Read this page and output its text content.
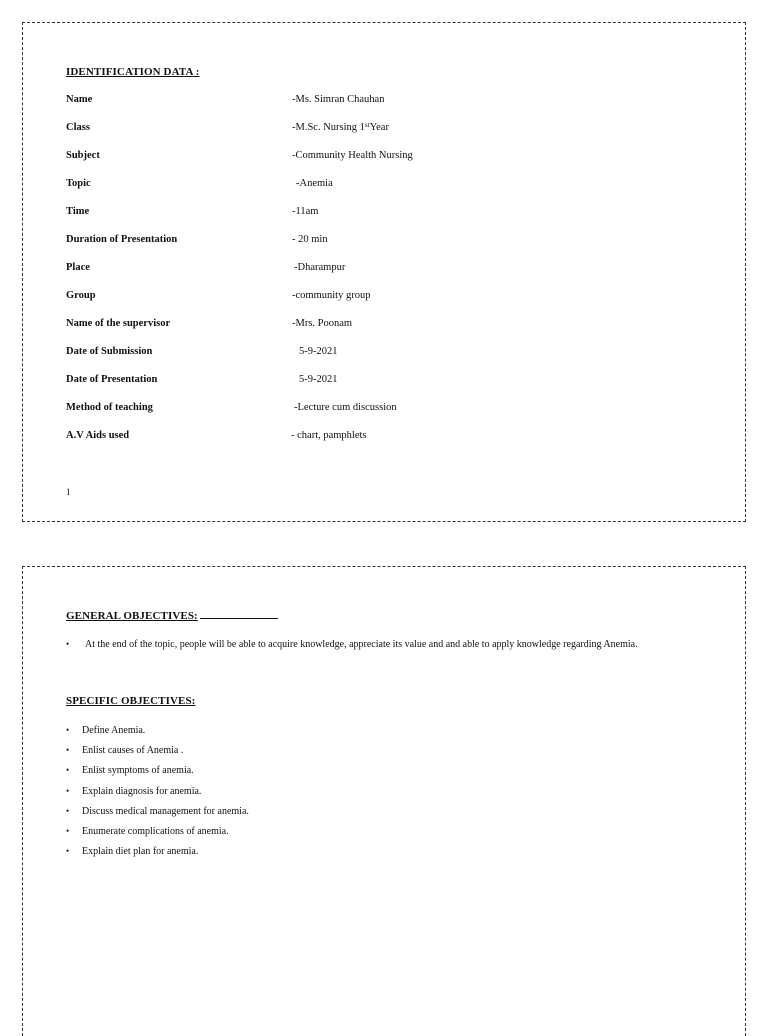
IDENTIFICATION DATA :
Name	-Ms. Simran Chauhan
Class	-M.Sc. Nursing 1stYear
Subject	-Community Health Nursing
Topic	-Anemia
Time	-11am
Duration of Presentation	- 20 min
Place	-Dharampur
Group	-community group
Name of the supervisor	-Mrs. Poonam
Date of Submission	5-9-2021
Date of Presentation	5-9-2021
Method of teaching	-Lecture cum discussion
A.V Aids used	- chart, pamphlets
1
GENERAL OBJECTIVES:
• At the end of the topic, people will be able to acquire knowledge, appreciate its value and and able to apply knowledge regarding Anemia.
SPECIFIC OBJECTIVES:
• Define Anemia.
• Enlist causes of Anemia .
• Enlist symptoms of anemia.
• Explain diagnosis for anemia.
• Discuss medical management for anemia.
• Enumerate complications of anemia.
• Explain diet plan for anemia.
